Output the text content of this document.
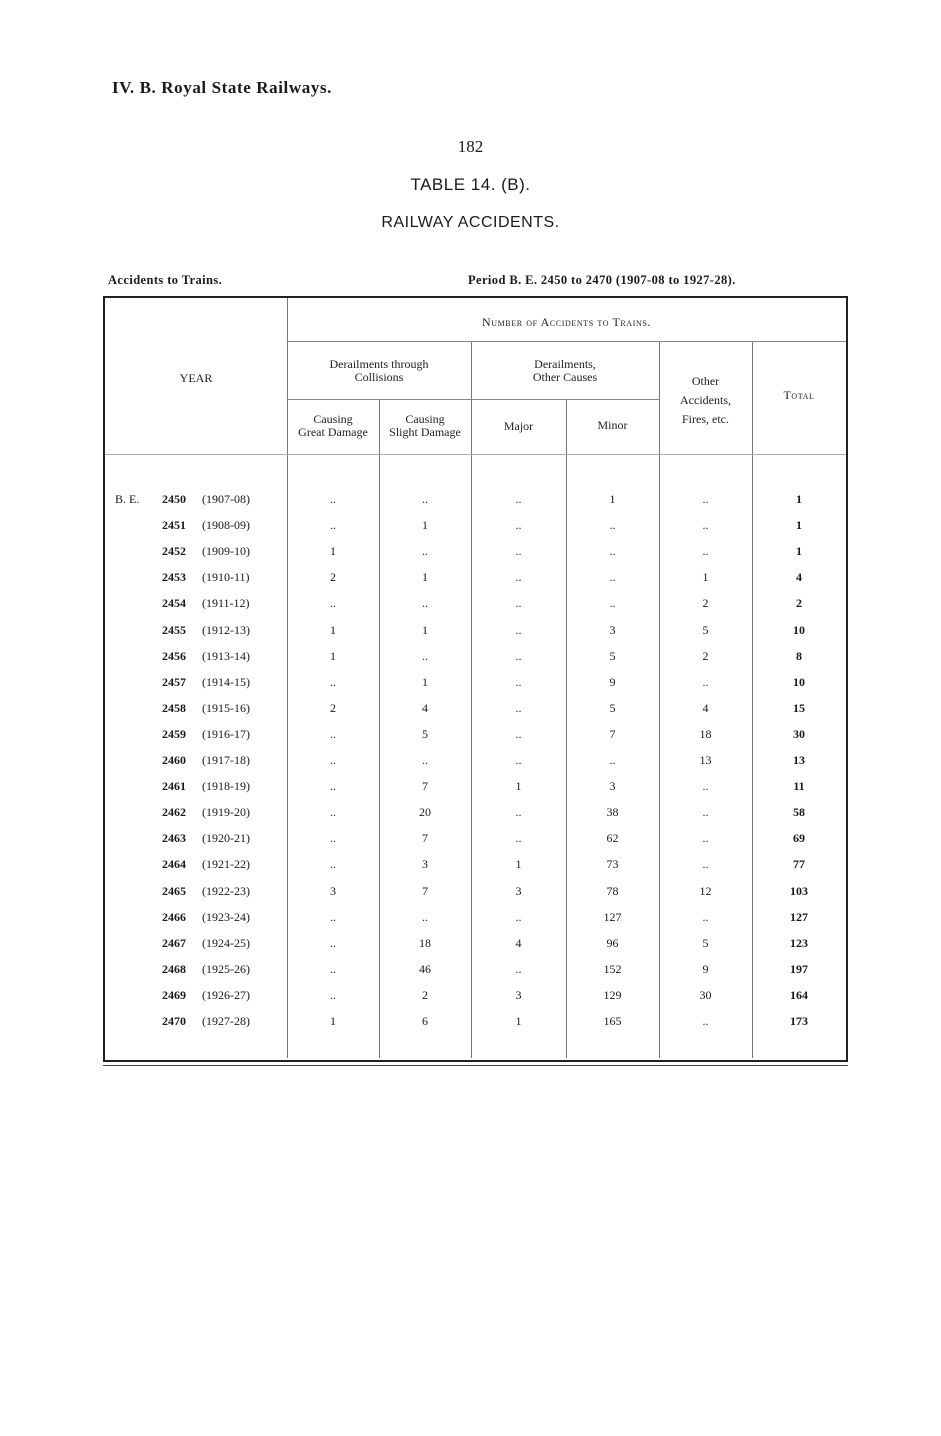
IV. B. Royal State Railways.
182
TABLE 14. (B).
RAILWAY ACCIDENTS.
Accidents to Trains.	Period B. E. 2450 to 2470 (1907-08 to 1927-28).
Number of Accidents to Trains.
YEAR
Derailments through
Collisions
Derailments,
Other Causes
Causing
Great Damage
Causing
Slight Damage	Major	Minor
Other
Accidents,
Fires, etc.
Total
B. E. 2450 (1907-08)	..	..	..	1	..	1
2451 (1908-09)	..	1	..	..	..	1
2452 (1909-10)	1	..	..	..	..	1
2453 (1910-11)	2	1	..	..	1	4
2454 (1911-12)	..	..	..	..	2	2
2455 (1912-13)	1	1	..	3	5	10
2456 (1913-14)	1	..	..	5	2	8
2457 (1914-15)	..	1	..	9	..	10
2458 (1915-16)	2	4	..	5	4	15
2459 (1916-17)	..	5	..	7	18	30
2460 (1917-18)	..	..	..	..	13	13
2461 (1918-19)	..	7	1	3	..	11
2462 (1919-20)	..	20	..	38	..	58
2463 (1920-21)	..	7	..	62	..	69
2464 (1921-22)	..	3	1	73	..	77
2465 (1922-23)	3	7	3	78	12	103
2466 (1923-24)	..	..	..	127	..	127
2467 (1924-25)	..	18	4	96	5	123
2468 (1925-26)	..	46	..	152	9	197
2469 (1926-27)	..	2	3	129	30	164
2470 (1927-28)	1	6	1	165	..	173
